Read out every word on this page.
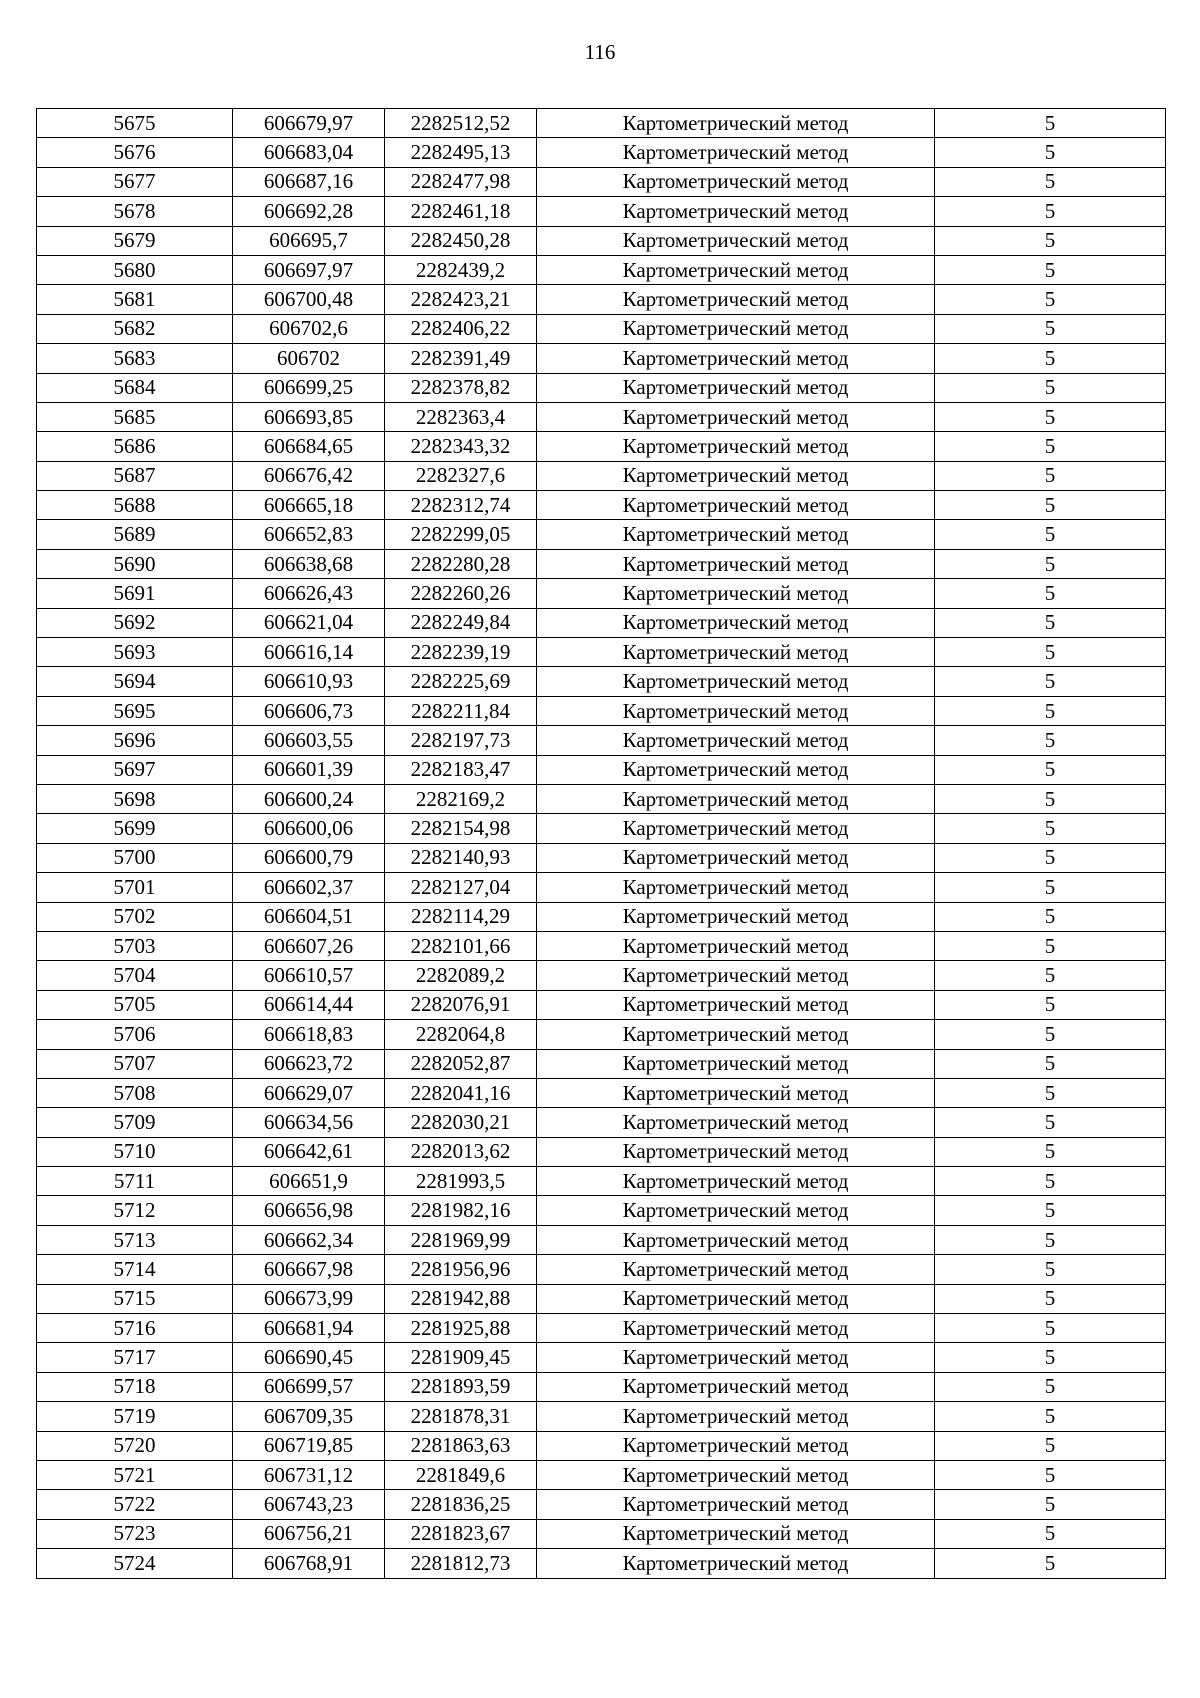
116
5675	606679,97	2282512,52	Картометрический метод	5
5676	606683,04	2282495,13	Картометрический метод	5
5677	606687,16	2282477,98	Картометрический метод	5
5678	606692,28	2282461,18	Картометрический метод	5
5679	606695,7	2282450,28	Картометрический метод	5
5680	606697,97	2282439,2	Картометрический метод	5
5681	606700,48	2282423,21	Картометрический метод	5
5682	606702,6	2282406,22	Картометрический метод	5
5683	606702	2282391,49	Картометрический метод	5
5684	606699,25	2282378,82	Картометрический метод	5
5685	606693,85	2282363,4	Картометрический метод	5
5686	606684,65	2282343,32	Картометрический метод	5
5687	606676,42	2282327,6	Картометрический метод	5
5688	606665,18	2282312,74	Картометрический метод	5
5689	606652,83	2282299,05	Картометрический метод	5
5690	606638,68	2282280,28	Картометрический метод	5
5691	606626,43	2282260,26	Картометрический метод	5
5692	606621,04	2282249,84	Картометрический метод	5
5693	606616,14	2282239,19	Картометрический метод	5
5694	606610,93	2282225,69	Картометрический метод	5
5695	606606,73	2282211,84	Картометрический метод	5
5696	606603,55	2282197,73	Картометрический метод	5
5697	606601,39	2282183,47	Картометрический метод	5
5698	606600,24	2282169,2	Картометрический метод	5
5699	606600,06	2282154,98	Картометрический метод	5
5700	606600,79	2282140,93	Картометрический метод	5
5701	606602,37	2282127,04	Картометрический метод	5
5702	606604,51	2282114,29	Картометрический метод	5
5703	606607,26	2282101,66	Картометрический метод	5
5704	606610,57	2282089,2	Картометрический метод	5
5705	606614,44	2282076,91	Картометрический метод	5
5706	606618,83	2282064,8	Картометрический метод	5
5707	606623,72	2282052,87	Картометрический метод	5
5708	606629,07	2282041,16	Картометрический метод	5
5709	606634,56	2282030,21	Картометрический метод	5
5710	606642,61	2282013,62	Картометрический метод	5
5711	606651,9	2281993,5	Картометрический метод	5
5712	606656,98	2281982,16	Картометрический метод	5
5713	606662,34	2281969,99	Картометрический метод	5
5714	606667,98	2281956,96	Картометрический метод	5
5715	606673,99	2281942,88	Картометрический метод	5
5716	606681,94	2281925,88	Картометрический метод	5
5717	606690,45	2281909,45	Картометрический метод	5
5718	606699,57	2281893,59	Картометрический метод	5
5719	606709,35	2281878,31	Картометрический метод	5
5720	606719,85	2281863,63	Картометрический метод	5
5721	606731,12	2281849,6	Картометрический метод	5
5722	606743,23	2281836,25	Картометрический метод	5
5723	606756,21	2281823,67	Картометрический метод	5
5724	606768,91	2281812,73	Картометрический метод	5
